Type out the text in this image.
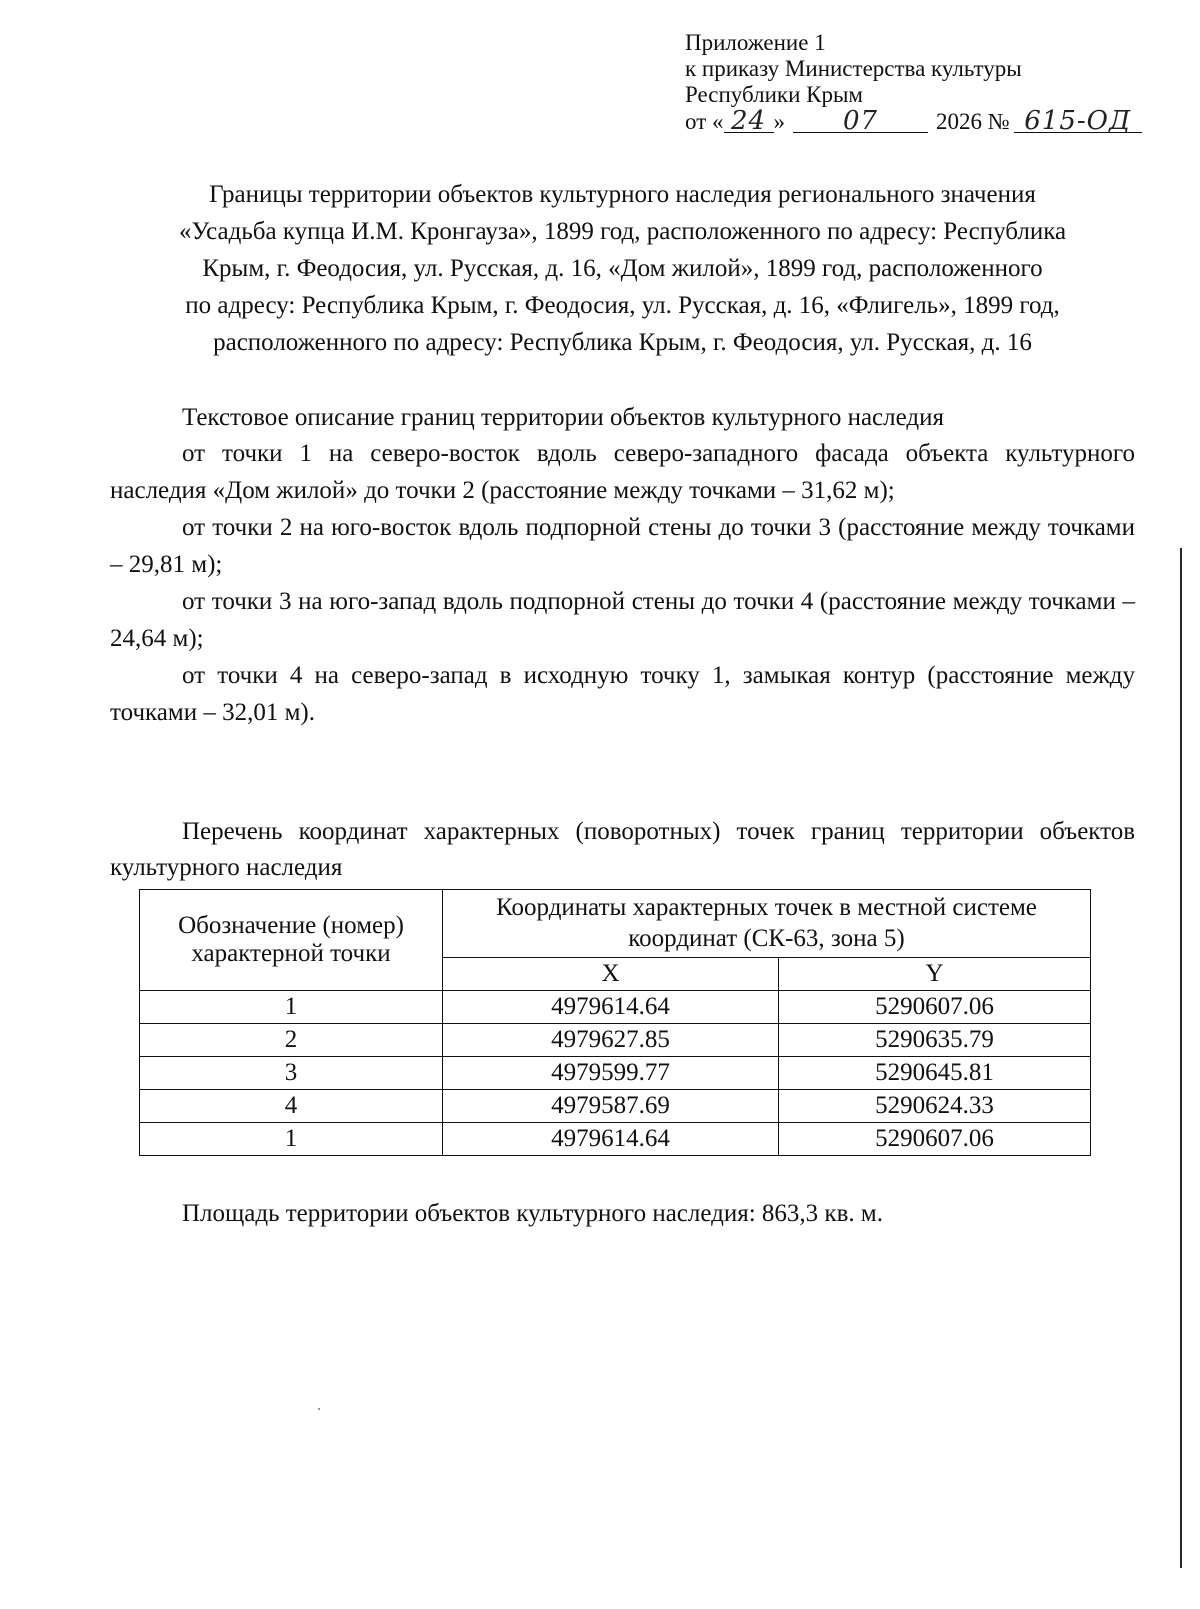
Приложение 1
к приказу Министерства культуры
Республики Крым
от « 24 » 07	2026 № 615-ОД
Границы территории объектов культурного наследия регионального значения
«Усадьба купца И.М. Кронгауза», 1899 год, расположенного по адресу: Республика
Крым, г. Феодосия, ул. Русская, д. 16, «Дом жилой», 1899 год, расположенного
по адресу: Республика Крым, г. Феодосия, ул. Русская, д. 16, «Флигель», 1899 год,
расположенного по адресу: Республика Крым, г. Феодосия, ул. Русская, д. 16
Текстовое описание границ территории объектов культурного наследия

от точки 1 на северо-восток вдоль северо-западного фасада объекта культурного наследия «Дом жилой» до точки 2 (расстояние между точками – 31,62 м);

от точки 2 на юго-восток вдоль подпорной стены до точки 3 (расстояние между точками – 29,81 м);

от точки 3 на юго-запад вдоль подпорной стены до точки 4 (расстояние между точками – 24,64 м);

от точки 4 на северо-запад в исходную точку 1, замыкая контур (расстояние между точками – 32,01 м).

Перечень координат характерных (поворотных) точек границ территории объектов культурного наследия
Обозначение (номер) характерной точки	Координаты характерных точек в местной системе координат (СК-63, зона 5)	
	X	Y
1	4979614.64	5290607.06
2	4979627.85	5290635.79
3	4979599.77	5290645.81
4	4979587.69	5290624.33
1	4979614.64	5290607.06
Площадь территории объектов культурного наследия: 863,3 кв. м.
